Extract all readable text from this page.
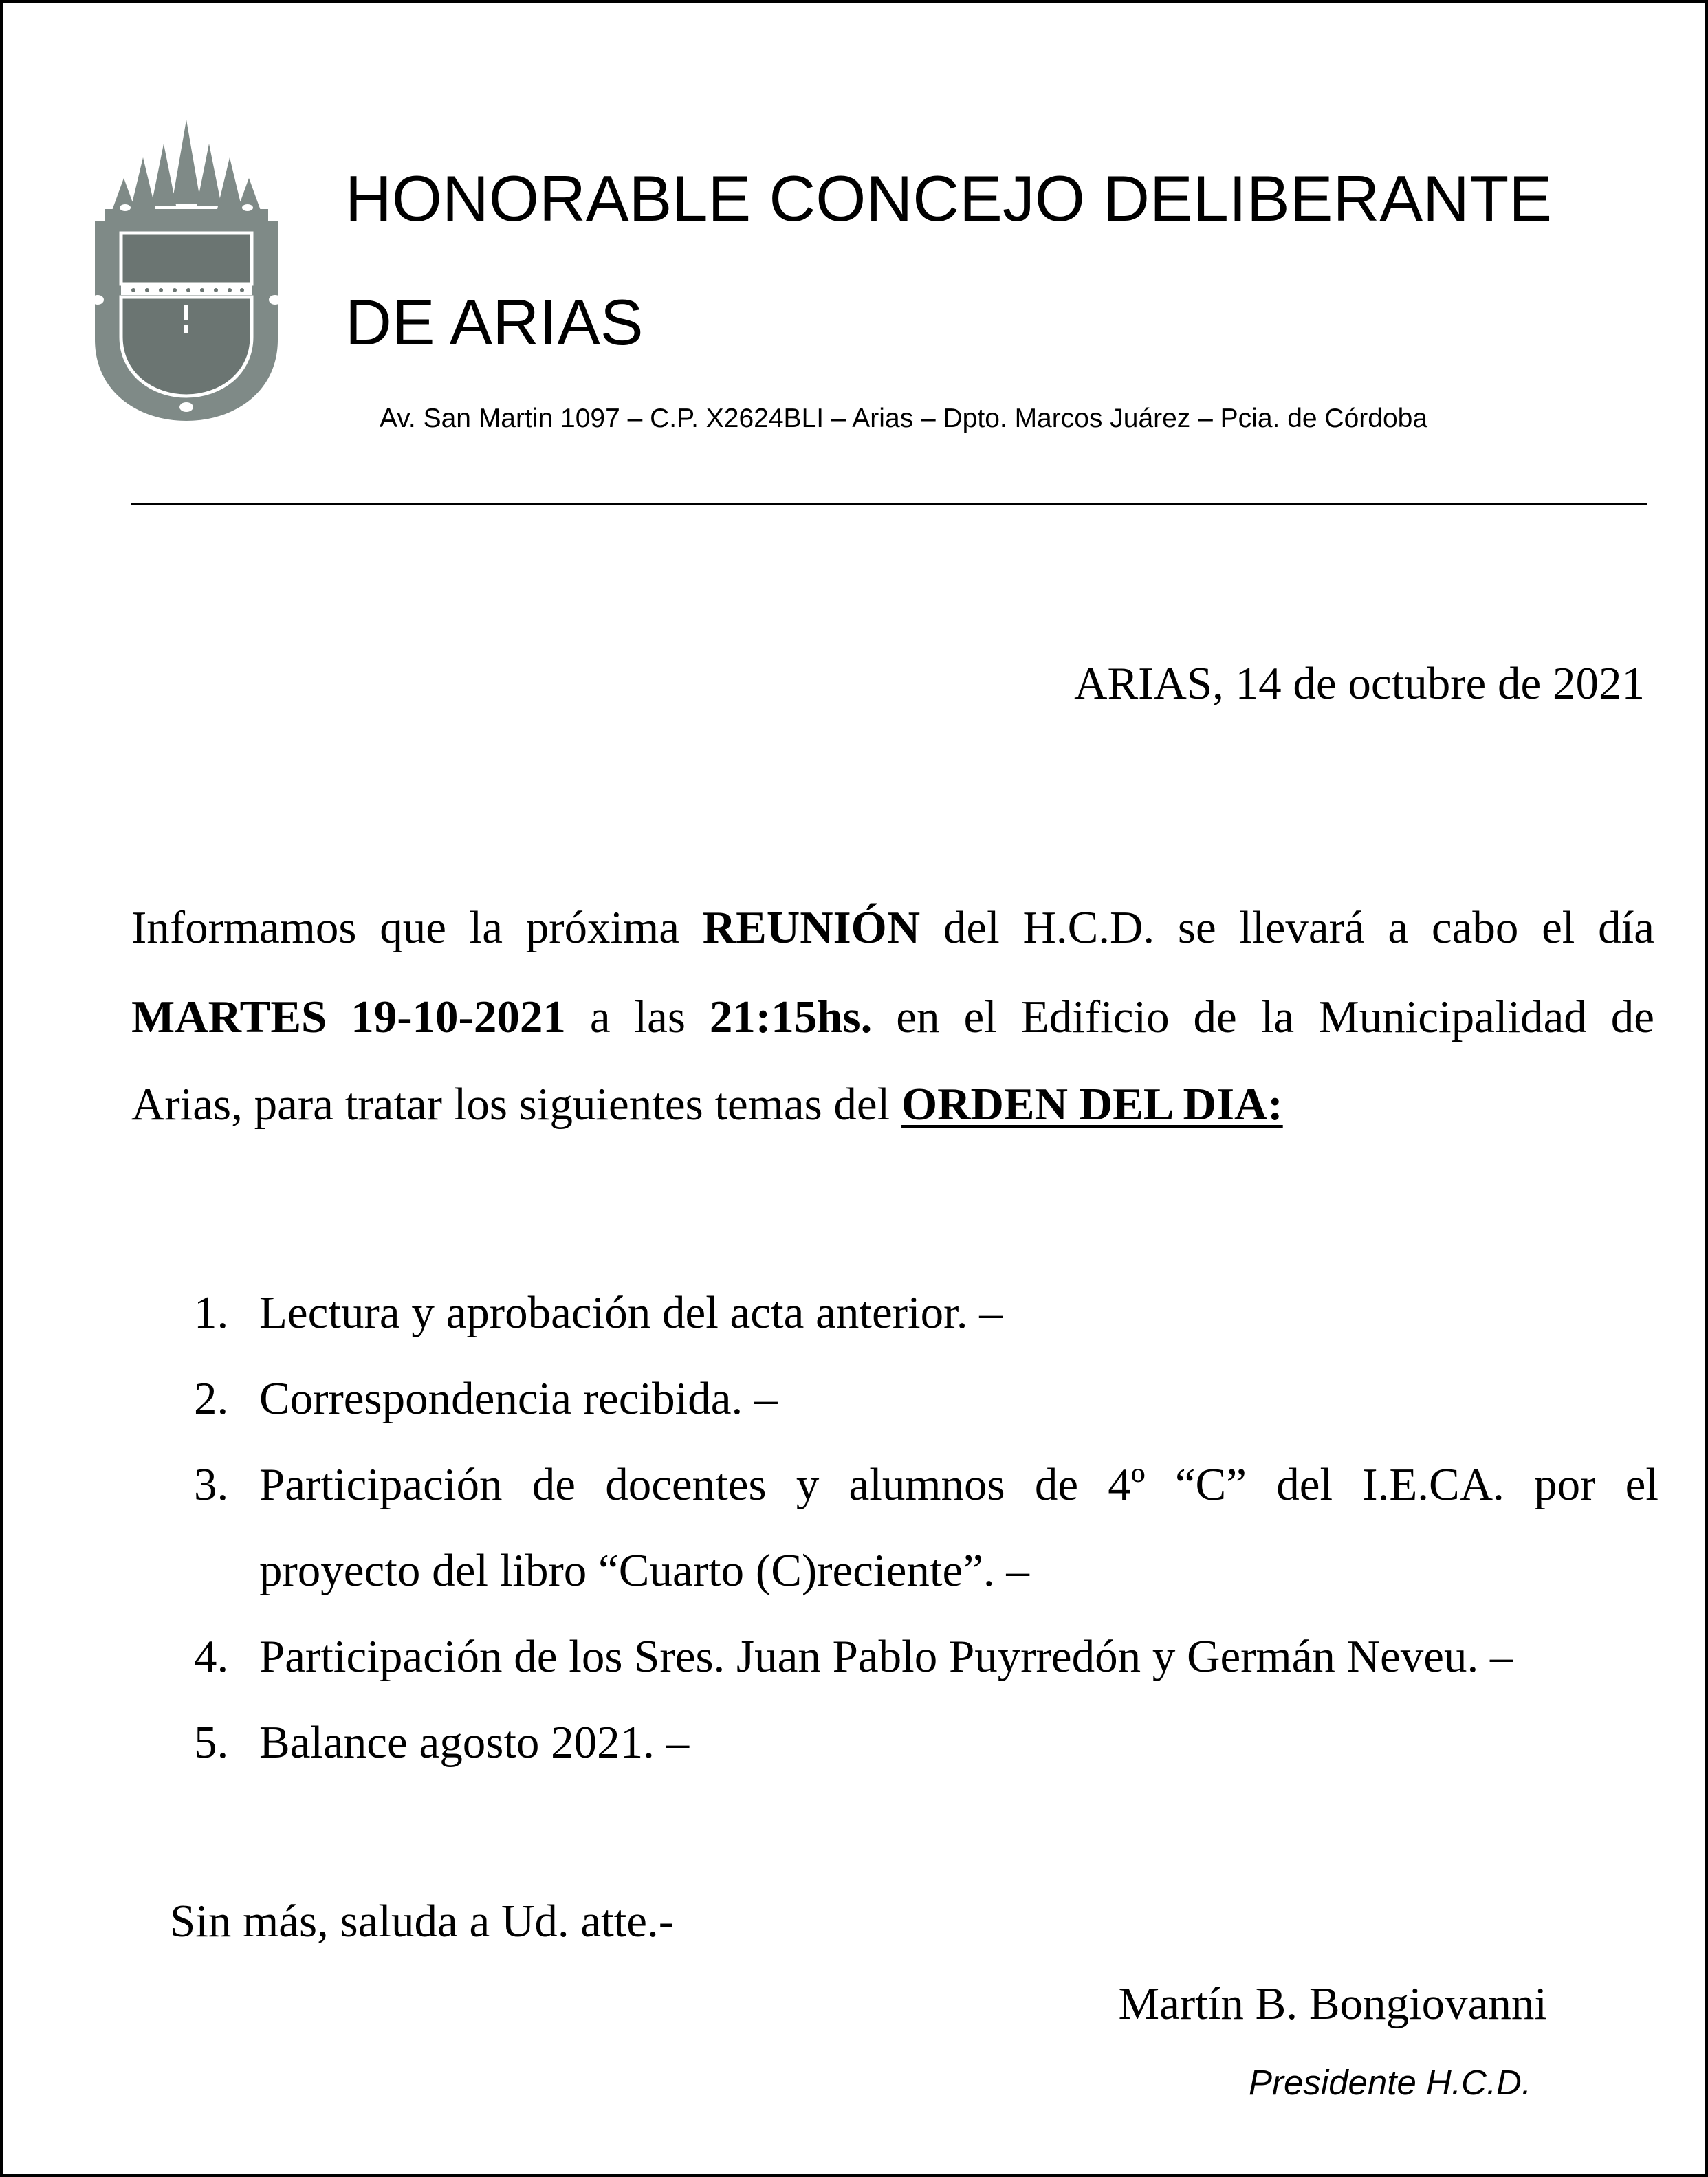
HONORABLE CONCEJO DELIBERANTE
DE ARIAS
Av. San Martin 1097 – C.P. X2624BLI – Arias – Dpto. Marcos Juárez – Pcia. de Córdoba
ARIAS, 14 de octubre de 2021
Informamos que la próxima REUNIÓN del H.C.D. se llevará a cabo el día
MARTES 19-10-2021 a las 21:15hs. en el Edificio de la Municipalidad de
Arias, para tratar los siguientes temas del ORDEN DEL DIA:
1. Lectura y aprobación del acta anterior. –
2. Correspondencia recibida. –
3. Participación de docentes y alumnos de 4º “C” del I.E.CA. por el
proyecto del libro “Cuarto (C)reciente”. –
4. Participación de los Sres. Juan Pablo Puyrredón y Germán Neveu. –
5. Balance agosto 2021. –
Sin más, saluda a Ud. atte.-
Martín B. Bongiovanni
Presidente H.C.D.
